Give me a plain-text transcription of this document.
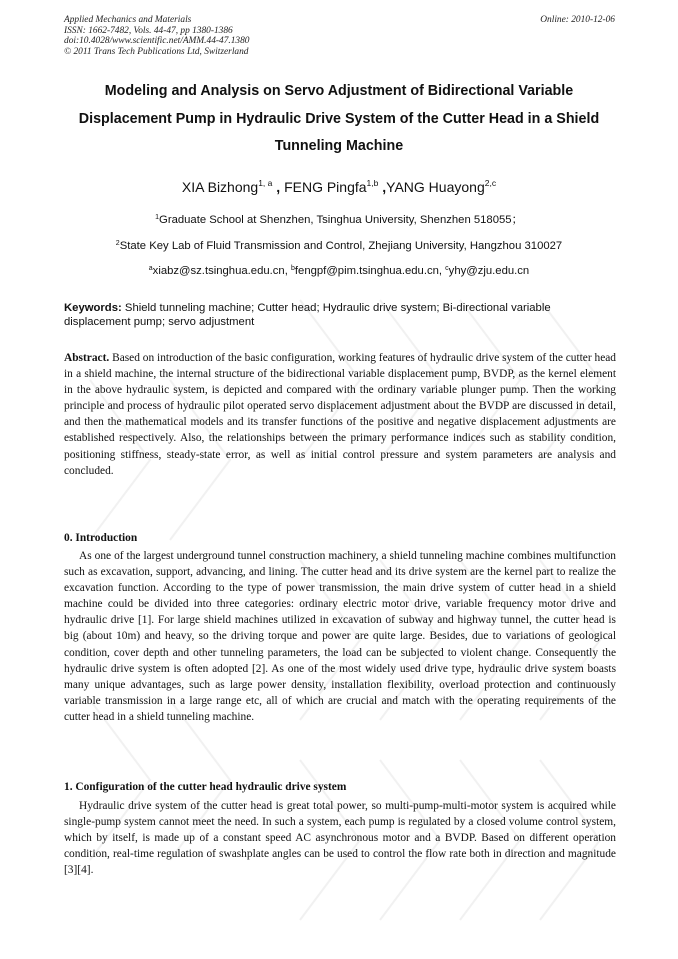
Applied Mechanics and Materials
ISSN: 1662-7482, Vols. 44-47, pp 1380-1386
doi:10.4028/www.scientific.net/AMM.44-47.1380
© 2011 Trans Tech Publications Ltd, Switzerland
Online: 2010-12-06
Modeling and Analysis on Servo Adjustment of Bidirectional Variable Displacement Pump in Hydraulic Drive System of the Cutter Head in a Shield Tunneling Machine
XIA Bizhong$^{1, a}$ , FENG Pingfa$^{1,b}$ ,YANG Huayong$^{2,c}$
$^1$Graduate School at Shenzhen, Tsinghua University, Shenzhen 518055；
$^2$State Key Lab of Fluid Transmission and Control, Zhejiang University, Hangzhou 310027
$^a$xiabz@sz.tsinghua.edu.cn, $^b$fengpf@pim.tsinghua.edu.cn, $^c$yhy@zju.edu.cn
Keywords: Shield tunneling machine; Cutter head; Hydraulic drive system; Bi-directional variable displacement pump; servo adjustment

Abstract. Based on introduction of the basic configuration, working features of hydraulic drive system of the cutter head in a shield machine, the internal structure of the bidirectional variable displacement pump, BVDP, as the kernel element in the above hydraulic system, is depicted and compared with the ordinary variable plunger pump. Then the working principle and process of hydraulic pilot operated servo displacement adjustment about the BVDP are discussed in detail, and then the mathematical models and its transfer functions of the positive and negative displacement adjustments are established respectively. Also, the relationships between the primary performance indices such as stability condition, positioning stiffness, steady-state error, as well as initial control pressure and system parameters are analysis and concluded.

0. Introduction

As one of the largest underground tunnel construction machinery, a shield tunneling machine combines multifunction such as excavation, support, advancing, and lining. The cutter head and its drive system are the kernel part to realize the excavation function. According to the type of power transmission, the main drive system of cutter head in a shield machine could be divided into three categories: ordinary electric motor drive, variable frequency motor drive and hydraulic drive [1]. For large shield machines utilized in excavation of subway and highway tunnel, the cutter head is big (about 10m) and heavy, so the driving torque and power are quite large. Besides, due to variations of geological condition, cover depth and other tunneling parameters, the load can be subjected to violent change. Consequently the hydraulic drive system is often adopted [2]. As one of the most widely used drive type, hydraulic drive system boasts many unique advantages, such as large power density, installation flexibility, overload protection and continuously variable transmission in a large range etc, all of which are crucial and match with the operating requirements of the cutter head in a shield tunneling machine.

1. Configuration of the cutter head hydraulic drive system

Hydraulic drive system of the cutter head is great total power, so multi-pump-multi-motor system is acquired while single-pump system cannot meet the need. In such a system, each pump is regulated by a closed volume control system, which by itself, is made up of a constant speed AC asynchronous motor and a BVDP. Based on different operation condition, real-time regulation of swashplate angles can be used to control the flow rate both in direction and magnitude [3][4].
